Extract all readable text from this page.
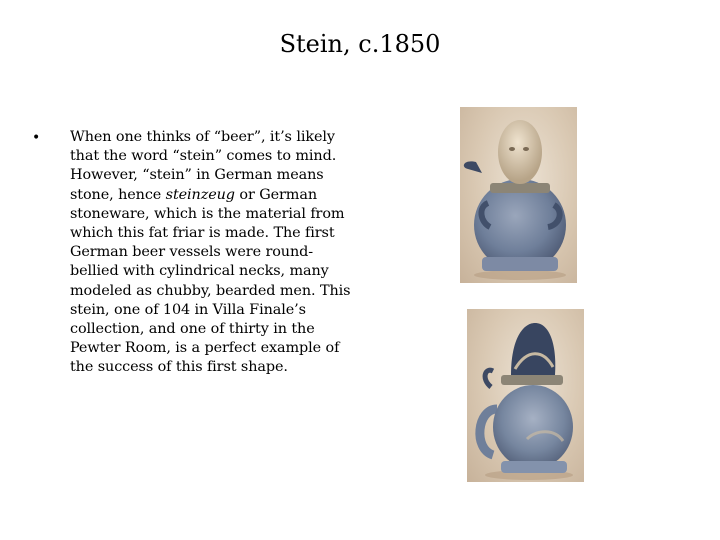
Stein, c.1850
• When one thinks of “beer”, it’s likely that the word “stein” comes to mind. However, “stein” in German means stone, hence steinzeug or German stoneware, which is the material from which this fat friar is made. The first German beer vessels were round-bellied with cylindrical necks, many modeled as chubby, bearded men. This stein, one of 104 in Villa Finale’s collection, and one of thirty in the Pewter Room, is a perfect example of the success of this first shape.
